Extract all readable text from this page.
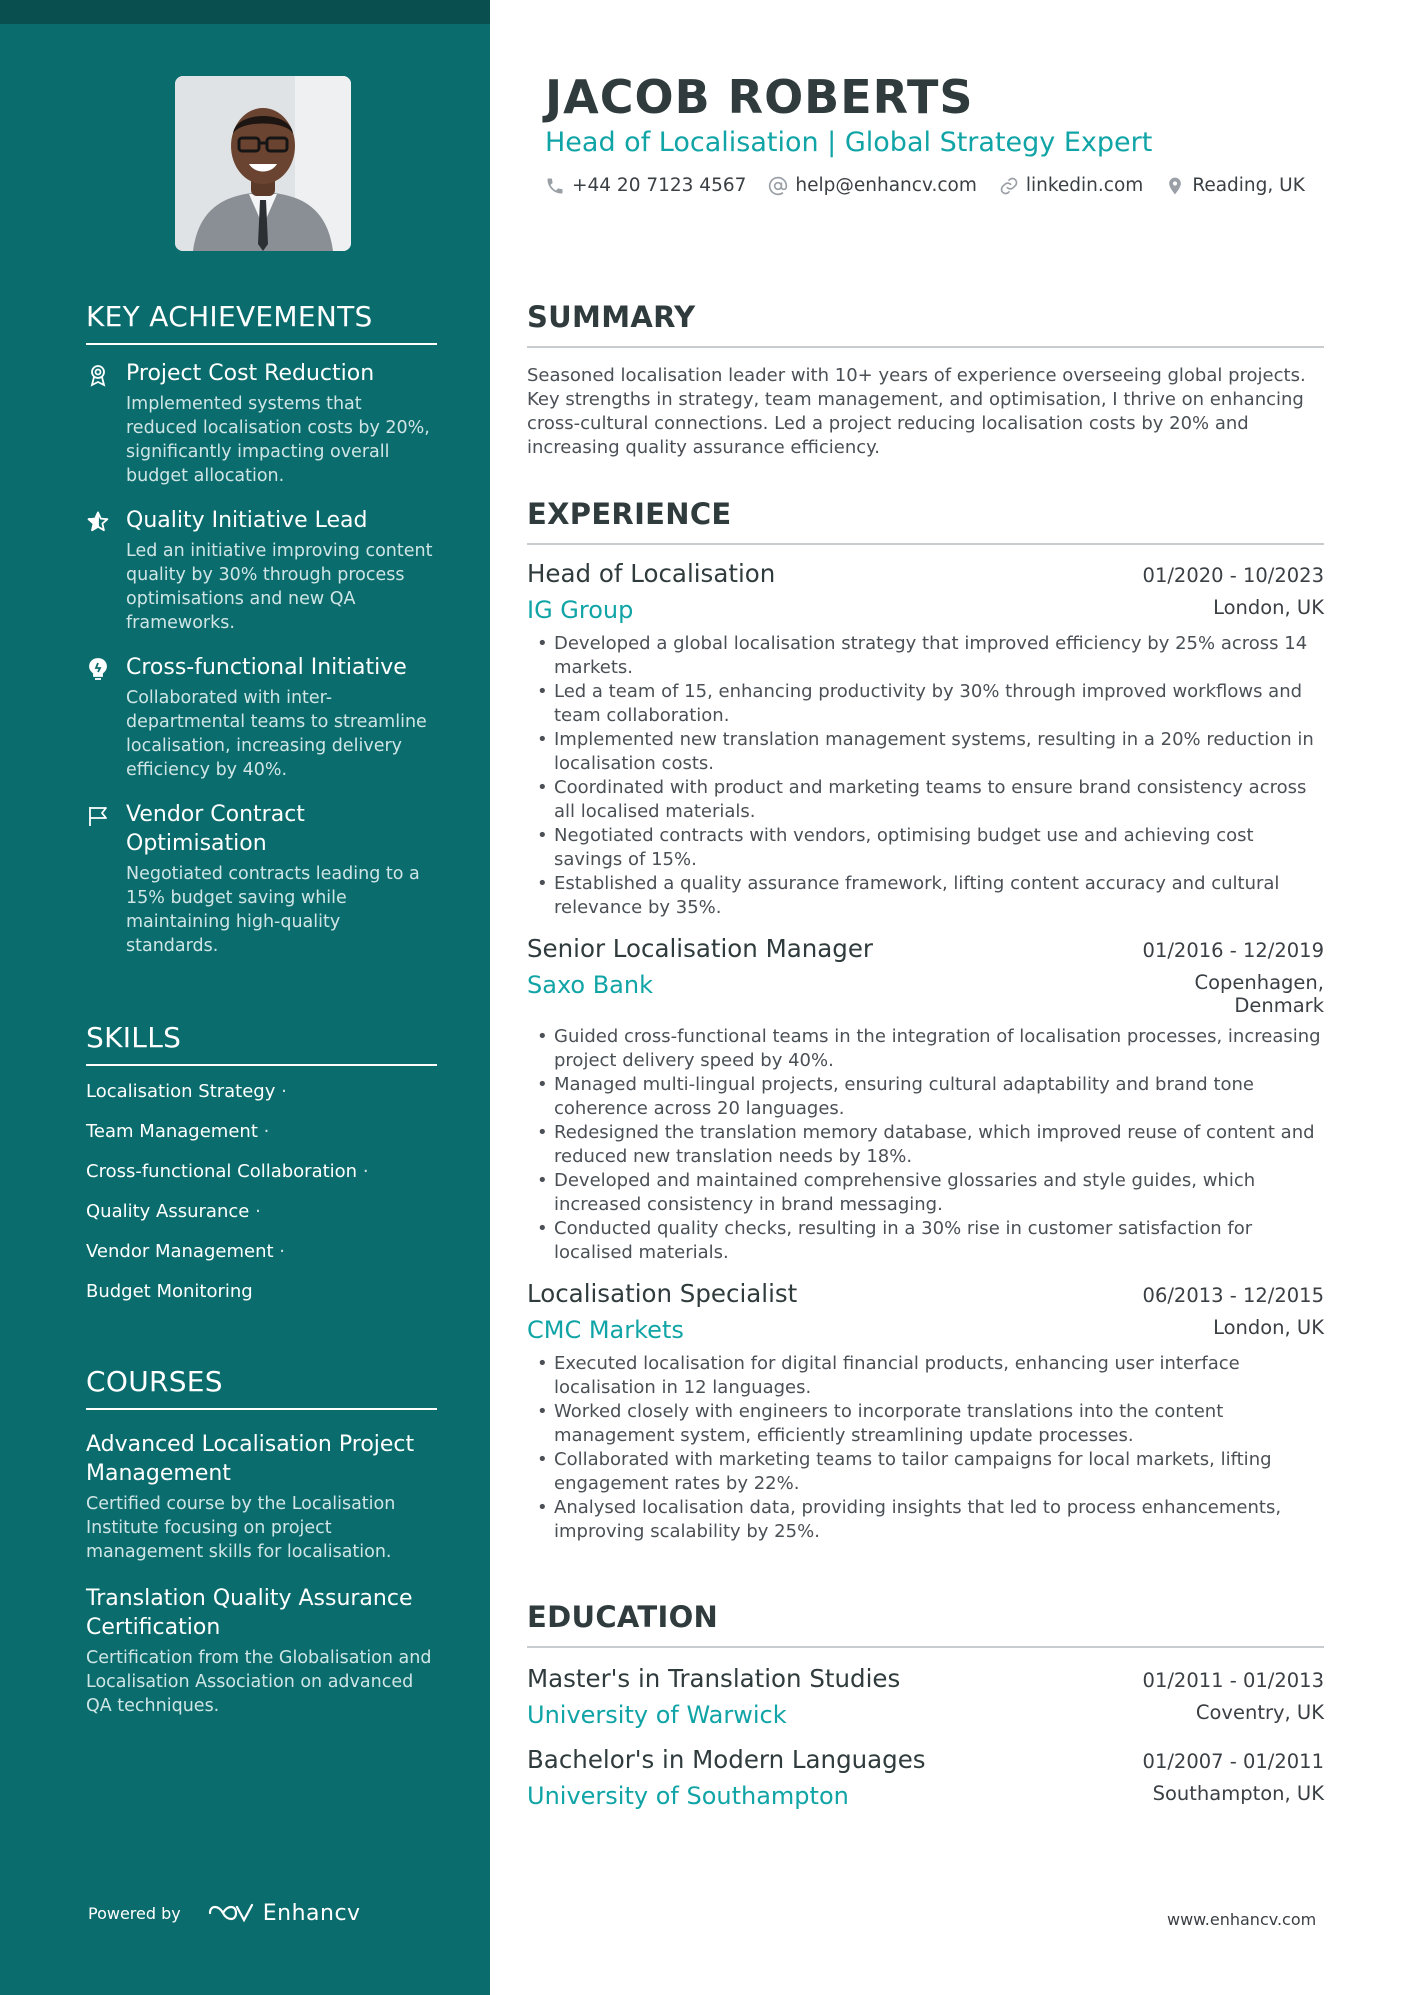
KEY ACHIEVEMENTS
Project Cost Reduction
Implemented systems that reduced localisation costs by 20%, significantly impacting overall budget allocation.
Quality Initiative Lead
Led an initiative improving content quality by 30% through process optimisations and new QA frameworks.
Cross-functional Initiative
Collaborated with inter-departmental teams to streamline localisation, increasing delivery efficiency by 40%.
Vendor Contract Optimisation
Negotiated contracts leading to a 15% budget saving while maintaining high-quality standards.
SKILLS
Localisation Strategy ·
Team Management ·
Cross-functional Collaboration ·
Quality Assurance ·
Vendor Management ·
Budget Monitoring
COURSES
Advanced Localisation Project Management
Certified course by the Localisation Institute focusing on project management skills for localisation.
Translation Quality Assurance Certification
Certification from the Globalisation and Localisation Association on advanced QA techniques.
Powered by	Enhancv
JACOB ROBERTS
Head of Localisation | Global Strategy Expert
+44 20 7123 4567	help@enhancv.com	linkedin.com	Reading, UK
SUMMARY

Seasoned localisation leader with 10+ years of experience overseeing global projects. Key strengths in strategy, team management, and optimisation, I thrive on enhancing cross-cultural connections. Led a project reducing localisation costs by 20% and increasing quality assurance efficiency.

EXPERIENCE
Head of Localisation	01/2020 - 10/2023
IG Group	London, UK
• Developed a global localisation strategy that improved efficiency by 25% across 14 markets.
• Led a team of 15, enhancing productivity by 30% through improved workflows and team collaboration.
• Implemented new translation management systems, resulting in a 20% reduction in localisation costs.
• Coordinated with product and marketing teams to ensure brand consistency across all localised materials.
• Negotiated contracts with vendors, optimising budget use and achieving cost savings of 15%.
• Established a quality assurance framework, lifting content accuracy and cultural relevance by 35%.
Senior Localisation Manager	01/2016 - 12/2019
Saxo Bank	Copenhagen, Denmark
• Guided cross-functional teams in the integration of localisation processes, increasing project delivery speed by 40%.
• Managed multi-lingual projects, ensuring cultural adaptability and brand tone coherence across 20 languages.
• Redesigned the translation memory database, which improved reuse of content and reduced new translation needs by 18%.
• Developed and maintained comprehensive glossaries and style guides, which increased consistency in brand messaging.
• Conducted quality checks, resulting in a 30% rise in customer satisfaction for localised materials.
Localisation Specialist	06/2013 - 12/2015
CMC Markets	London, UK
• Executed localisation for digital financial products, enhancing user interface localisation in 12 languages.
• Worked closely with engineers to incorporate translations into the content management system, efficiently streamlining update processes.
• Collaborated with marketing teams to tailor campaigns for local markets, lifting engagement rates by 22%.
• Analysed localisation data, providing insights that led to process enhancements, improving scalability by 25%.
EDUCATION
Master's in Translation Studies	01/2011 - 01/2013
University of Warwick	Coventry, UK
Bachelor's in Modern Languages	01/2007 - 01/2011
University of Southampton	Southampton, UK
www.enhancv.com
